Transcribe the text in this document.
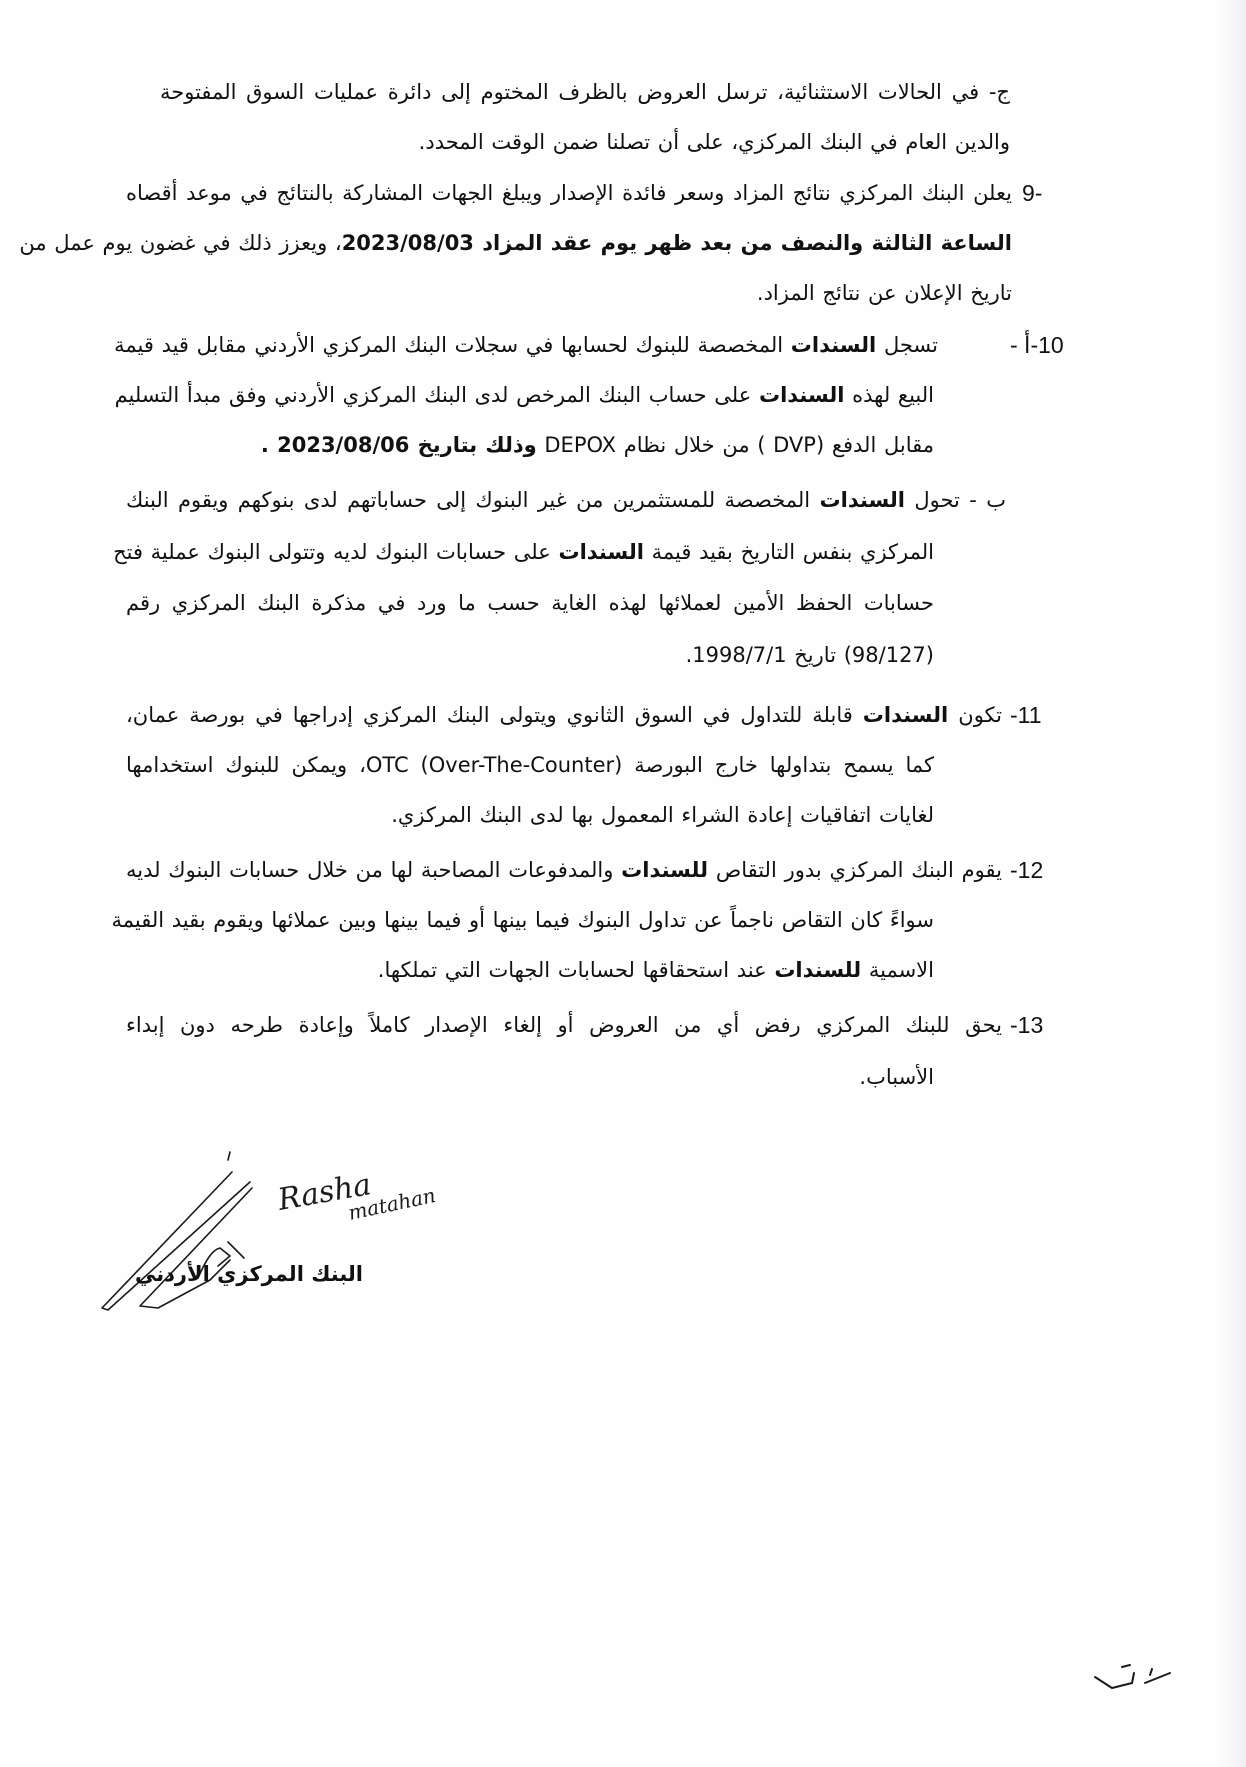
ج- في الحالات الاستثنائية، ترسل العروض بالظرف المختوم إلى دائرة عمليات السوق المفتوحة
والدين العام في البنك المركزي، على أن تصلنا ضمن الوقت المحدد.
9-
يعلن البنك المركزي نتائج المزاد وسعر فائدة الإصدار ويبلغ الجهات المشاركة بالنتائج في موعد أقصاه
الساعة الثالثة والنصف من بعد ظهر يوم عقد المزاد 2023/08/03، ويعزز ذلك في غضون يوم عمل من
تاريخ الإعلان عن نتائج المزاد.
10-أ -
تسجل السندات المخصصة للبنوك لحسابها في سجلات البنك المركزي الأردني مقابل قيد قيمة
البيع لهذه السندات على حساب البنك المرخص لدى البنك المركزي الأردني وفق مبدأ التسليم
مقابل الدفع (DVP ) من خلال نظام DEPOX وذلك بتاريخ 2023/08/06 .
ب - تحول السندات المخصصة للمستثمرين من غير البنوك إلى حساباتهم لدى بنوكهم ويقوم البنك
المركزي بنفس التاريخ بقيد قيمة السندات على حسابات البنوك لديه وتتولى البنوك عملية فتح
حسابات الحفظ الأمين لعملائها لهذه الغاية حسب ما ورد في مذكرة البنك المركزي رقم
(98/127) تاريخ 1998/7/1.
11-
تكون السندات قابلة للتداول في السوق الثانوي ويتولى البنك المركزي إدراجها في بورصة عمان،
كما يسمح بتداولها خارج البورصة OTC (Over-The-Counter)، ويمكن للبنوك استخدامها
لغايات اتفاقيات إعادة الشراء المعمول بها لدى البنك المركزي.
12-
يقوم البنك المركزي بدور التقاص للسندات والمدفوعات المصاحبة لها من خلال حسابات البنوك لديه
سواءً كان التقاص ناجماً عن تداول البنوك فيما بينها أو فيما بينها وبين عملائها ويقوم بقيد القيمة
الاسمية للسندات عند استحقاقها لحسابات الجهات التي تملكها.
13-
يحق للبنك المركزي رفض أي من العروض أو إلغاء الإصدار كاملاً وإعادة طرحه دون إبداء
الأسباب.
Rasha
matahan
البنك المركزي الأردني
ر ش
